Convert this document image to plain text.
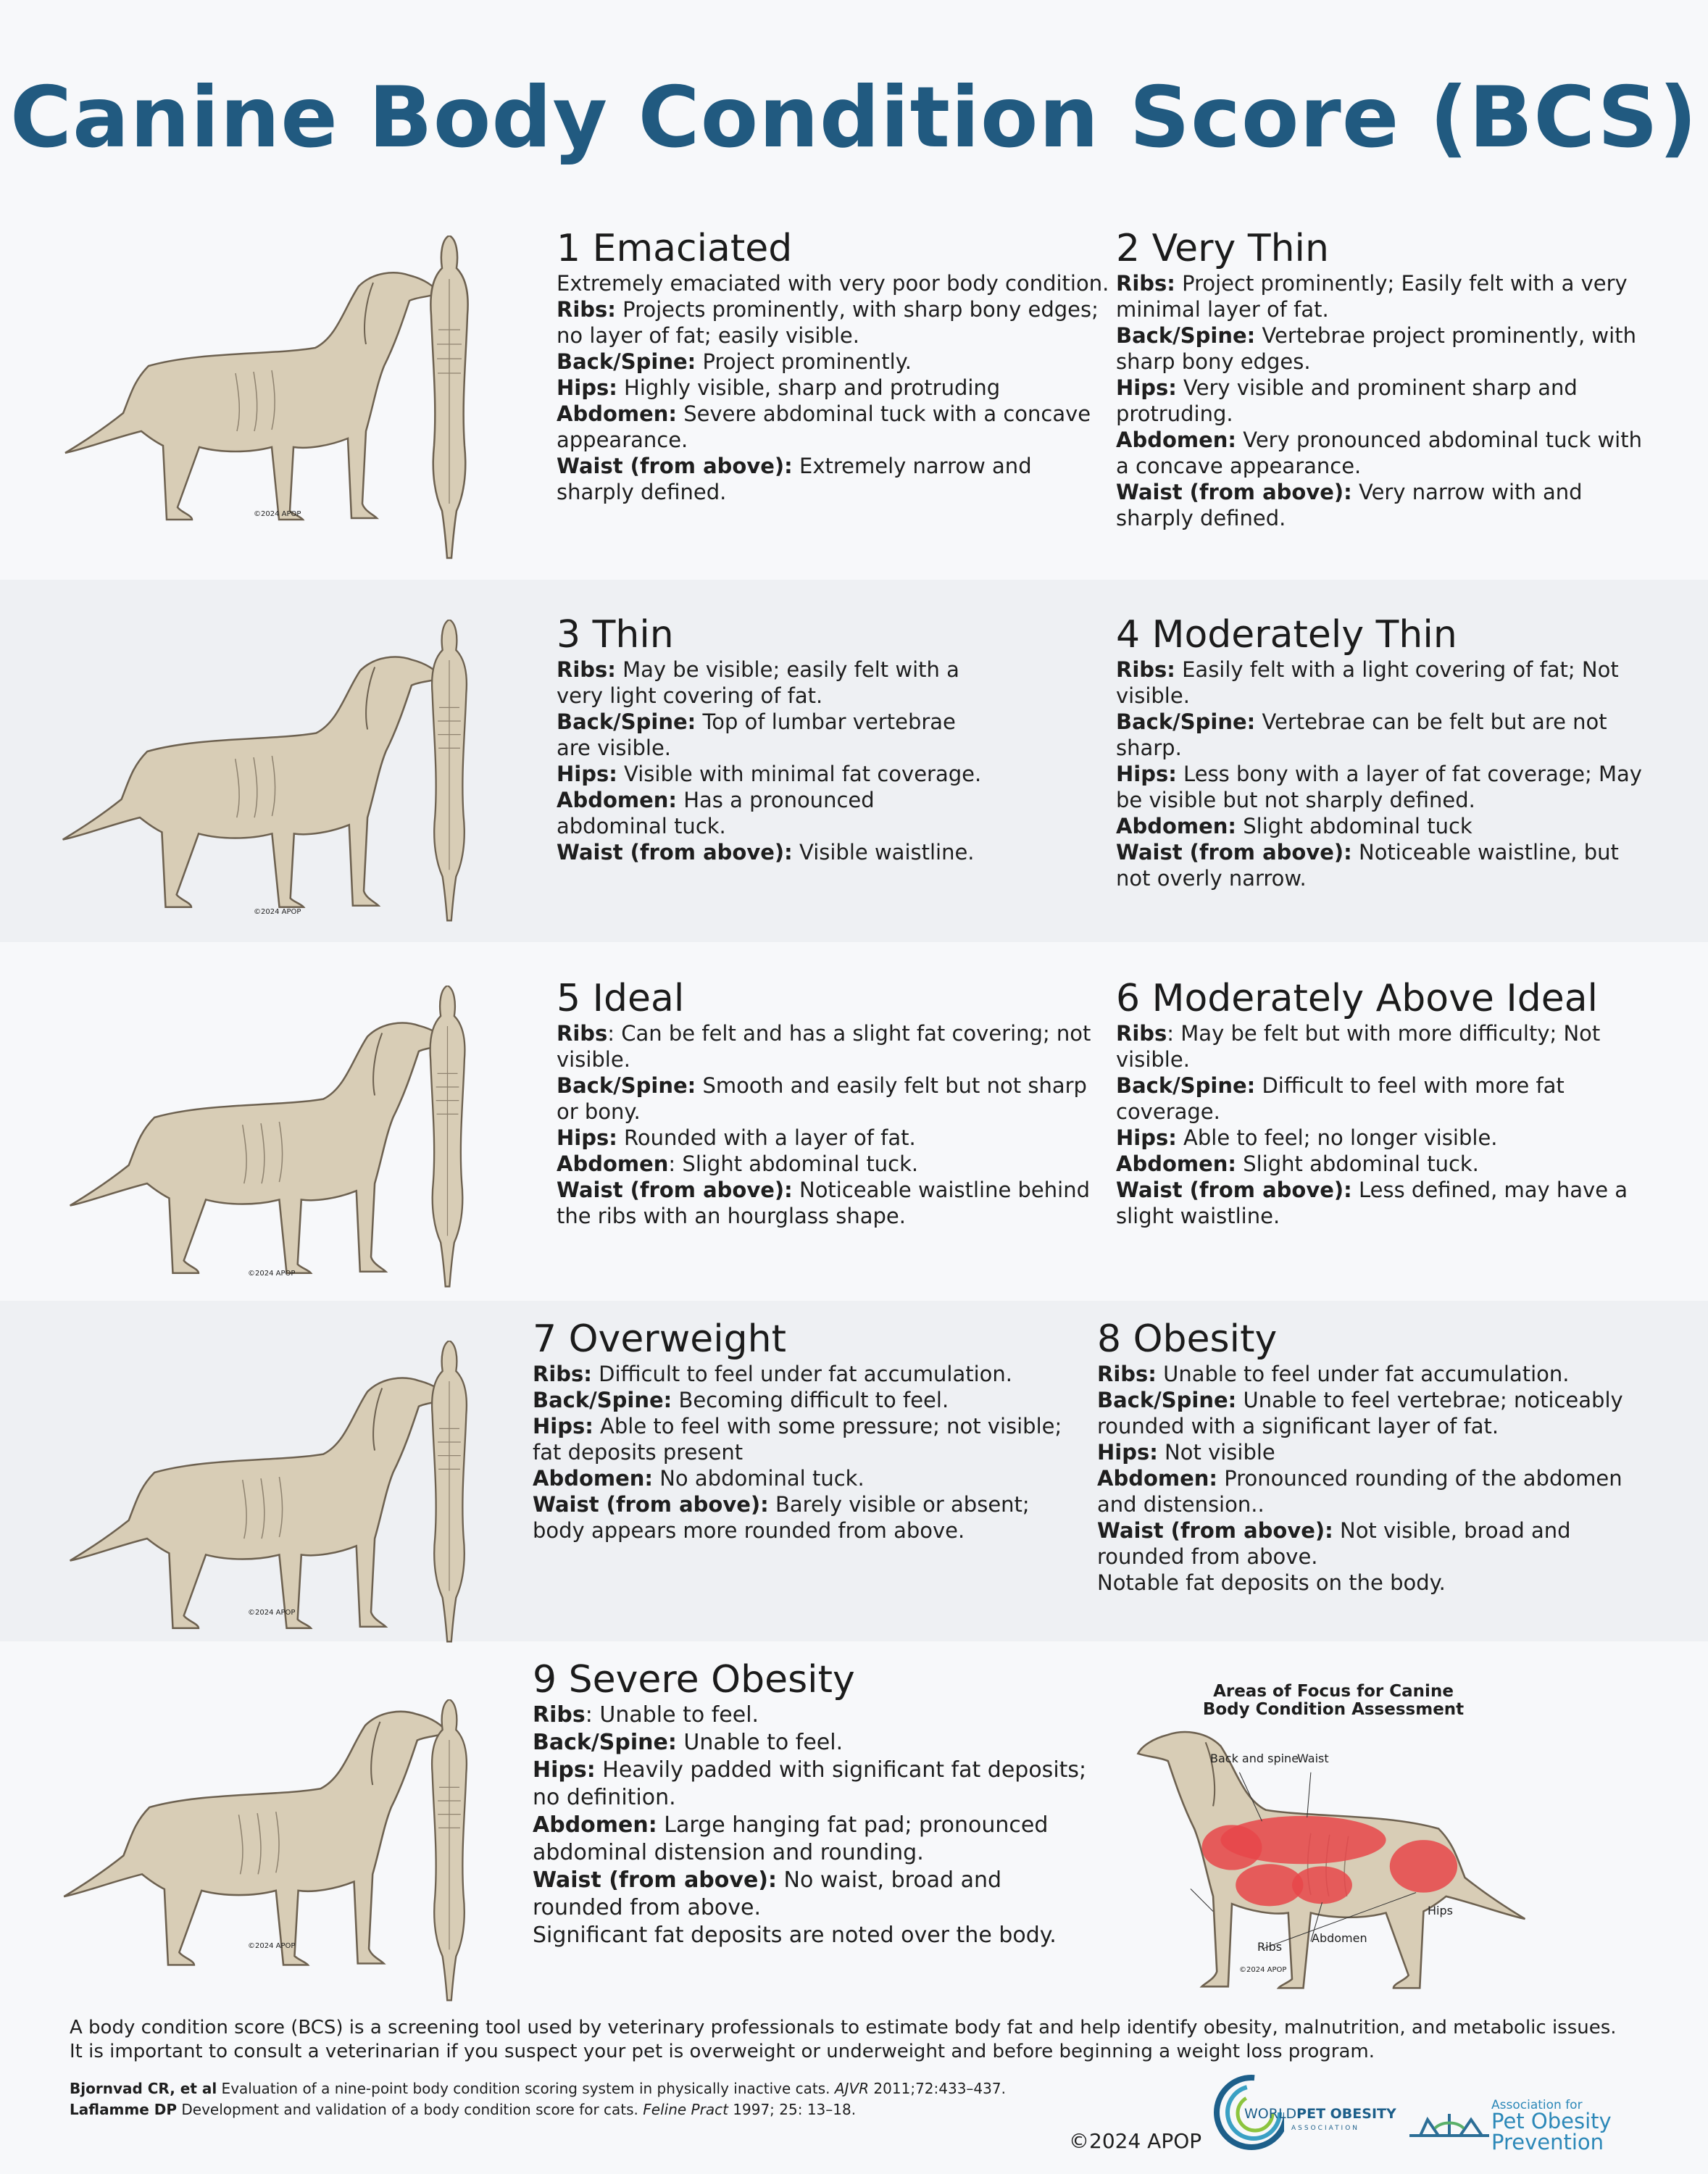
Canine Body Condition Score (BCS)
©2024 APOP
©2024 APOP
©2024 APOP
©2024 APOP
©2024 APOP
1 Emaciated

Extremely emaciated with very poor body condition.

Ribs: Projects prominently, with sharp bony edges; no layer of fat; easily visible.

Back/Spine: Project prominently.

Hips: Highly visible, sharp and protruding

Abdomen: Severe abdominal tuck with a concave appearance.

Waist (from above): Extremely narrow and sharply defined.

2 Very Thin

Ribs: Project prominently; Easily felt with a very minimal layer of fat.

Back/Spine: Vertebrae project prominently, with sharp bony edges.

Hips: Very visible and prominent sharp and protruding.

Abdomen: Very pronounced abdominal tuck with a concave appearance.

Waist (from above): Very narrow with and sharply defined.

3 Thin

Ribs: May be visible; easily felt with a very light covering of fat.

Back/Spine: Top of lumbar vertebrae are visible.

Hips: Visible with minimal fat coverage.

Abdomen: Has a pronounced abdominal tuck.

Waist (from above): Visible waistline.

4 Moderately Thin

Ribs: Easily felt with a light covering of fat; Not visible.

Back/Spine: Vertebrae can be felt but are not sharp.

Hips: Less bony with a layer of fat coverage; May be visible but not sharply defined.

Abdomen: Slight abdominal tuck

Waist (from above): Noticeable waistline, but not overly narrow.

5 Ideal

Ribs: Can be felt and has a slight fat covering; not visible.

Back/Spine: Smooth and easily felt but not sharp or bony.

Hips: Rounded with a layer of fat.

Abdomen: Slight abdominal tuck.

Waist (from above): Noticeable waistline behind the ribs with an hourglass shape.

6 Moderately Above Ideal

Ribs: May be felt but with more difficulty; Not visible.

Back/Spine: Difficult to feel with more fat coverage.

Hips: Able to feel; no longer visible.

Abdomen: Slight abdominal tuck.

Waist (from above): Less defined, may have a slight waistline.

7 Overweight

Ribs: Difficult to feel under fat accumulation.

Back/Spine: Becoming difficult to feel.

Hips: Able to feel with some pressure; not visible; fat deposits present

Abdomen: No abdominal tuck.

Waist (from above): Barely visible or absent; body appears more rounded from above.

8 Obesity

Ribs: Unable to feel under fat accumulation.

Back/Spine: Unable to feel vertebrae; noticeably rounded with a significant layer of fat.

Hips: Not visible

Abdomen: Pronounced rounding of the abdomen and distension..

Waist (from above): Not visible, broad and rounded from above.

Notable fat deposits on the body.

9 Severe Obesity

Ribs: Unable to feel.

Back/Spine: Unable to feel.

Hips: Heavily padded with significant fat deposits; no definition.

Abdomen: Large hanging fat pad; pronounced abdominal distension and rounding.

Waist (from above): No waist, broad and rounded from above.

Significant fat deposits are noted over the body.

Areas of Focus for Canine
Body Condition Assessment
Back and spine
Waist
Hips
Ribs
Abdomen
©2024 APOP
A body condition score (BCS) is a screening tool used by veterinary professionals to estimate body fat and help identify obesity, malnutrition, and metabolic issues.
It is important to consult a veterinarian if you suspect your pet is overweight or underweight and before beginning a weight loss program.
Bjornvad CR, et al Evaluation of a nine-point body condition scoring system in physically inactive cats. AJVR 2011;72:433–437.
Laflamme DP Development and validation of a body condition score for cats. Feline Pract 1997; 25: 13–18.
©2024 APOP
WORLDPET OBESITY
ASSOCIATION
Association for
Pet Obesity
Prevention
